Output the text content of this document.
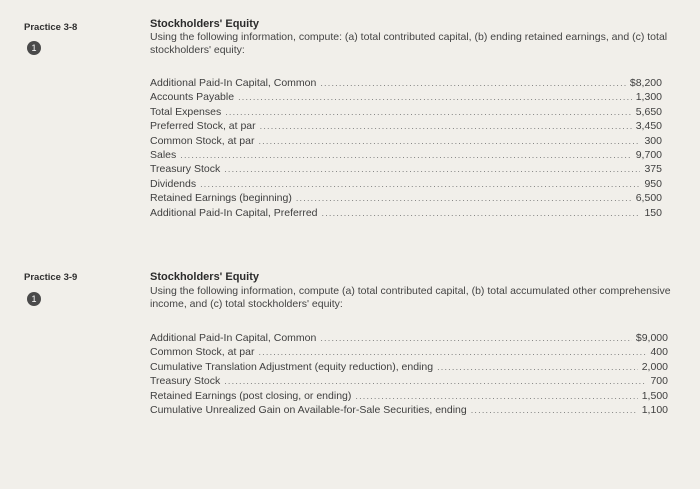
Practice 3-8
1
Stockholders' Equity
Using the following information, compute: (a) total contributed capital, (b) ending retained earnings, and (c) total stockholders' equity:
Additional Paid-In Capital, Common .....	$8,200
Accounts Payable .....	1,300
Total Expenses .....	5,650
Preferred Stock, at par .....	3,450
Common Stock, at par .....	300
Sales .....	9,700
Treasury Stock .....	375
Dividends .....	950
Retained Earnings (beginning) .....	6,500
Additional Paid-In Capital, Preferred .....	150
Practice 3-9
1
Stockholders' Equity
Using the following information, compute (a) total contributed capital, (b) total accumulated other comprehensive income, and (c) total stockholders' equity:
Additional Paid-In Capital, Common .....	$9,000
Common Stock, at par .....	400
Cumulative Translation Adjustment (equity reduction), ending .....	2,000
Treasury Stock .....	700
Retained Earnings (post closing, or ending) .....	1,500
Cumulative Unrealized Gain on Available-for-Sale Securities, ending .....	1,100
